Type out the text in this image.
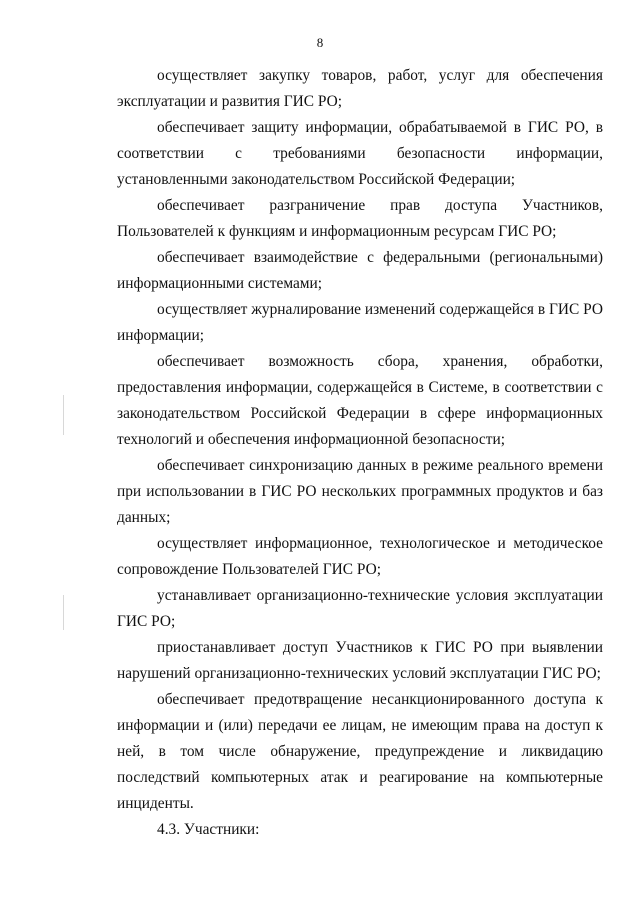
8

осуществляет закупку товаров, работ, услуг для обеспечения эксплуатации и развития ГИС РО;

обеспечивает защиту информации, обрабатываемой в ГИС РО, в соответствии с требованиями безопасности информации, установленными законодательством Российской Федерации;

обеспечивает разграничение прав доступа Участников, Пользователей к функциям и информационным ресурсам ГИС РО;

обеспечивает взаимодействие с федеральными (региональными) информационными системами;

осуществляет журналирование изменений содержащейся в ГИС РО информации;

обеспечивает возможность сбора, хранения, обработки, предоставления информации, содержащейся в Системе, в соответствии с законодательством Российской Федерации в сфере информационных технологий и обеспечения информационной безопасности;

обеспечивает синхронизацию данных в режиме реального времени при использовании в ГИС РО нескольких программных продуктов и баз данных;

осуществляет информационное, технологическое и методическое сопровождение Пользователей ГИС РО;

устанавливает организационно-технические условия эксплуатации ГИС РО;

приостанавливает доступ Участников к ГИС РО при выявлении нарушений организационно-технических условий эксплуатации ГИС РО;

обеспечивает предотвращение несанкционированного доступа к информации и (или) передачи ее лицам, не имеющим права на доступ к ней, в том числе обнаружение, предупреждение и ликвидацию последствий компьютерных атак и реагирование на компьютерные инциденты.

4.3. Участники:
